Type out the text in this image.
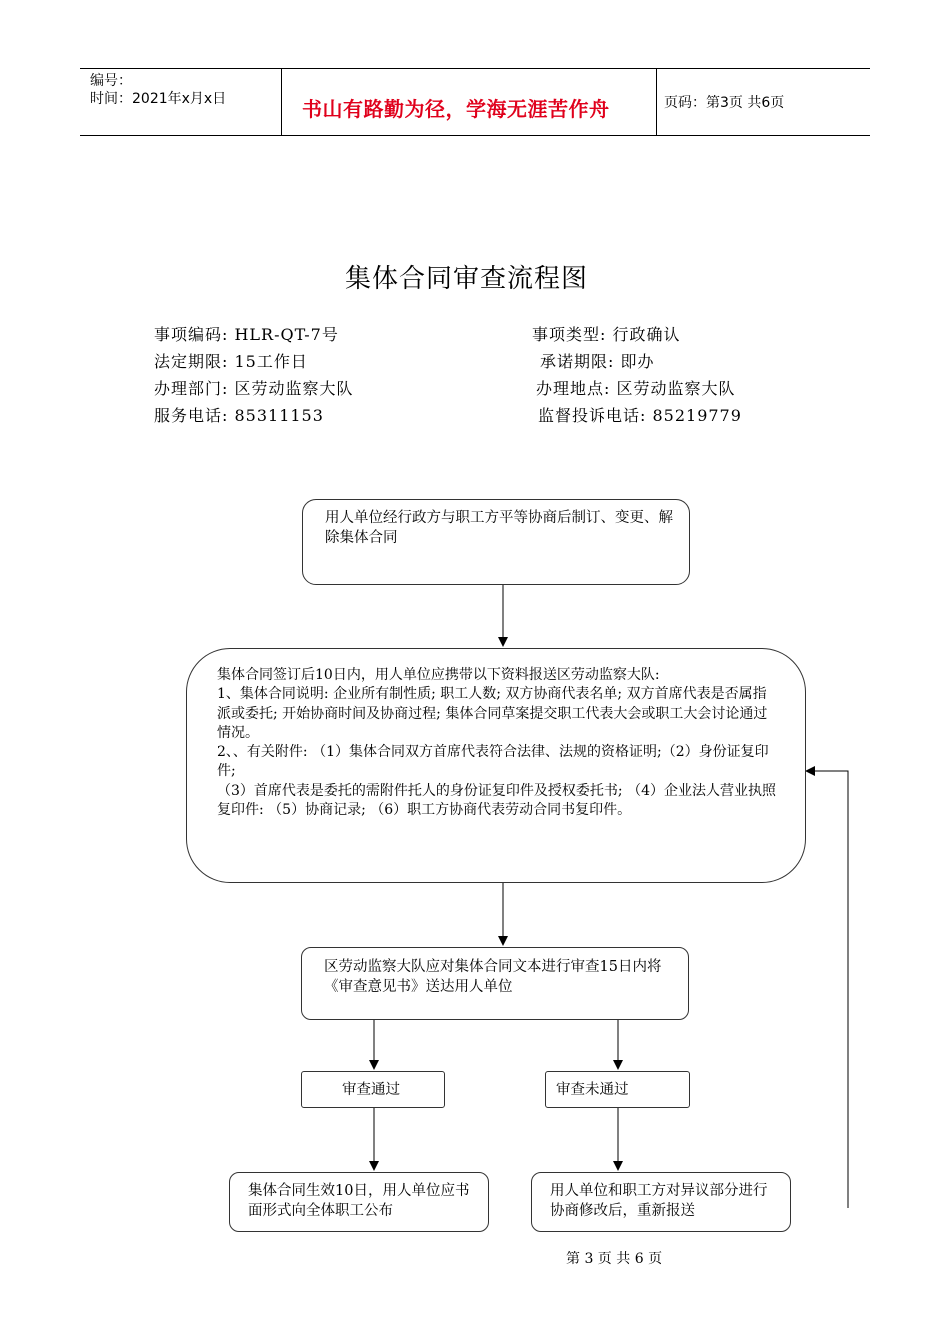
编号：
时间：2021年x月x日	书山有路勤为径，学海无涯苦作舟	页码：第3页 共6页
集体合同审查流程图
事项编码: HLR-QT-7号	事项类型: 行政确认
法定期限: 15工作日	承诺期限: 即办
办理部门: 区劳动监察大队	办理地点: 区劳动监察大队
服务电话: 85311153	监督投诉电话: 85219779

用人单位经行政方与职工方平等协商后制订、变更、解除集体合同

集体合同签订后10日内，用人单位应携带以下资料报送区劳动监察大队:

1、集体合同说明: 企业所有制性质; 职工人数; 双方协商代表名单; 双方首席代表是否属指派或委托; 开始协商时间及协商过程; 集体合同草案提交职工代表大会或职工大会讨论通过情况。

2、、有关附件: （1）集体合同双方首席代表符合法律、法规的资格证明;（2）身份证复印件;

（3）首席代表是委托的需附件托人的身份证复印件及授权委托书; （4）企业法人营业执照复印件: （5）协商记录; （6）职工方协商代表劳动合同书复印件。

区劳动监察大队应对集体合同文本进行审查15日内将《审查意见书》送达用人单位

审查通过	审查未通过

集体合同生效10日，用人单位应书面形式向全体职工公布

用人单位和职工方对异议部分进行协商修改后，重新报送

第 3 页 共 6 页
